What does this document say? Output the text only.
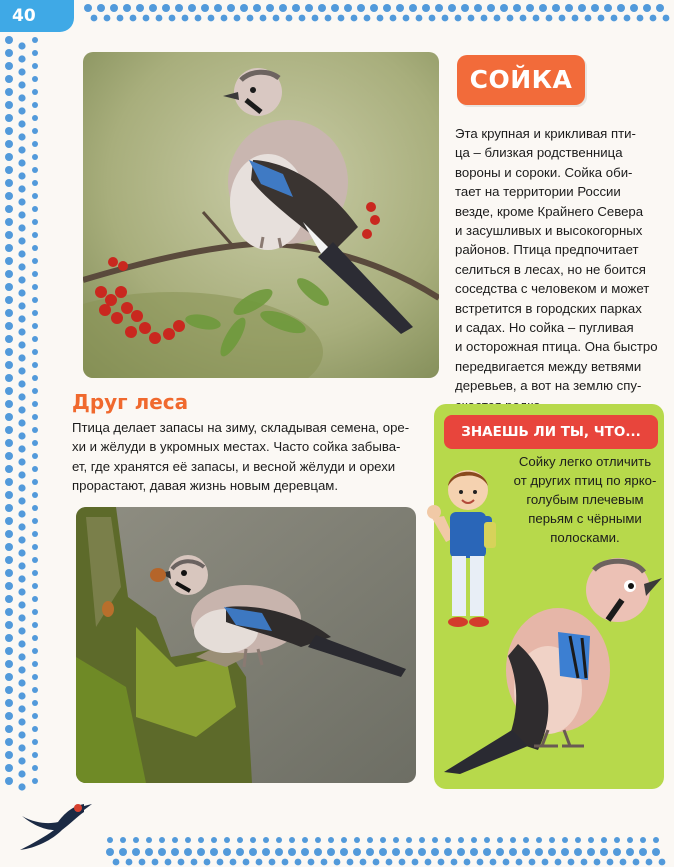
40
СОЙКА

Эта крупная и крикливая пти-

ца – близкая родственница

вороны и сороки. Сойка оби-

тает на территории России

везде, кроме Крайнего Севера

и засушливых и высокогорных

районов. Птица предпочитает

селиться в лесах, но не боится

соседства с человеком и может

встретится в городских парках

и садах. Но сойка – пугливая

и осторожная птица. Она быстро

передвигается между ветвями

деревьев, а вот на землю спу-

Друг леса
Птица делает запасы на зиму, складывая семена, оре-
хи и жёлуди в укромных местах. Часто сойка забыва-
ет, где хранятся её запасы, и весной жёлуди и орехи
прорастают, давая жизнь новым деревцам.
ЗНАЕШЬ ЛИ ТЫ, ЧТО...
Сойку легко отличить
от других птиц по ярко-
голубым плечевым
перьям с чёрными
полосками.
